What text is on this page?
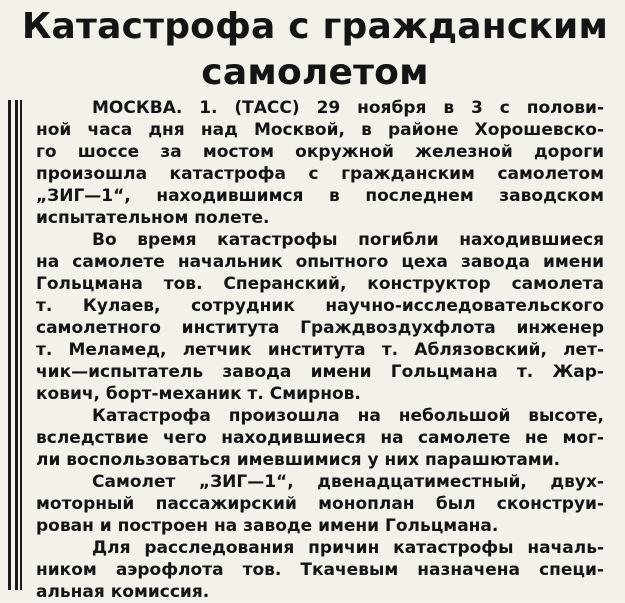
Катастрофа с гражданским
самолетом
МОСКВА. 1. (ТАСС) 29 ноября в 3 с полови-
ной часа дня над Москвой, в районе Хорошевско-
го шоссе за мостом окружной железной дороги
произошла катастрофа с гражданским самолетом
„ЗИГ—1“, находившимся в последнем заводском
испытательном полете.
Во время катастрофы погибли находившиеся
на самолете начальник опытного цеха завода имени
Гольцмана тов. Сперанский, конструктор самолета
т. Кулаев, сотрудник научно-исследовательского
самолетного института Граждвоздухфлота инженер
т. Меламед, летчик института т. Аблязовский, лет-
чик—испытатель завода имени Гольцмана т. Жар-
кович, борт-механик т. Смирнов.
Катастрофа произошла на небольшой высоте,
вследствие чего находившиеся на самолете не мог-
ли воспользоваться имевшимися у них парашютами.
Самолет „ЗИГ—1“, двенадцатиместный, двух-
моторный пассажирский моноплан был сконструи-
рован и построен на заводе имени Гольцмана.
Для расследования причин катастрофы началь-
ником аэрофлота тов. Ткачевым назначена специ-
альная комиссия.
